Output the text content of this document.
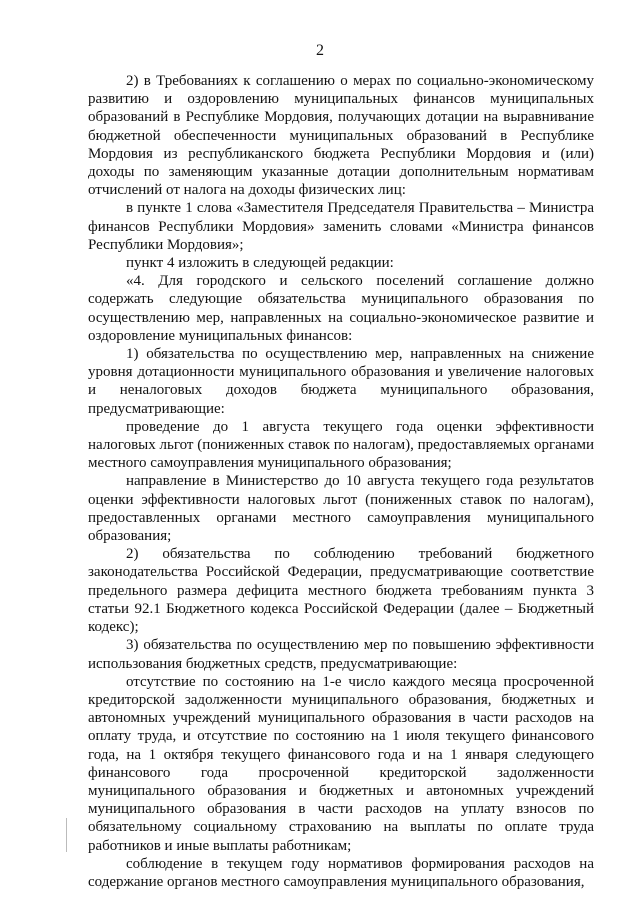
2

2) в Требованиях к соглашению о мерах по социально-экономическому развитию и оздоровлению муниципальных финансов муниципальных образований в Республике Мордовия, получающих дотации на выравнивание бюджетной обеспеченности муниципальных образований в Республике Мордовия из республиканского бюджета Республики Мордовия и (или) доходы по заменяющим указанные дотации дополнительным нормативам отчислений от налога на доходы физических лиц:

в пункте 1 слова «Заместителя Председателя Правительства – Министра финансов Республики Мордовия» заменить словами «Министра финансов Республики Мордовия»;

пункт 4 изложить в следующей редакции:

«4. Для городского и сельского поселений соглашение должно содержать следующие обязательства муниципального образования по осуществлению мер, направленных на социально-экономическое развитие и оздоровление муниципальных финансов:

1) обязательства по осуществлению мер, направленных на снижение уровня дотационности муниципального образования и увеличение налоговых и неналоговых доходов бюджета муниципального образования, предусматривающие:

проведение до 1 августа текущего года оценки эффективности налоговых льгот (пониженных ставок по налогам), предоставляемых органами местного самоуправления муниципального образования;

направление в Министерство до 10 августа текущего года результатов оценки эффективности налоговых льгот (пониженных ставок по налогам), предоставленных органами местного самоуправления муниципального образования;

2) обязательства по соблюдению требований бюджетного законодательства Российской Федерации, предусматривающие соответствие предельного размера дефицита местного бюджета требованиям пункта 3 статьи 92.1 Бюджетного кодекса Российской Федерации (далее – Бюджетный кодекс);

3) обязательства по осуществлению мер по повышению эффективности использования бюджетных средств, предусматривающие:

отсутствие по состоянию на 1-е число каждого месяца просроченной кредиторской задолженности муниципального образования, бюджетных и автономных учреждений муниципального образования в части расходов на оплату труда, и отсутствие по состоянию на 1 июля текущего финансового года, на 1 октября текущего финансового года и на 1 января следующего финансового года просроченной кредиторской задолженности муниципального образования и бюджетных и автономных учреждений муниципального образования в части расходов на уплату взносов по обязательному социальному страхованию на выплаты по оплате труда работников и иные выплаты работникам;

соблюдение в текущем году нормативов формирования расходов на содержание органов местного самоуправления муниципального образования,
